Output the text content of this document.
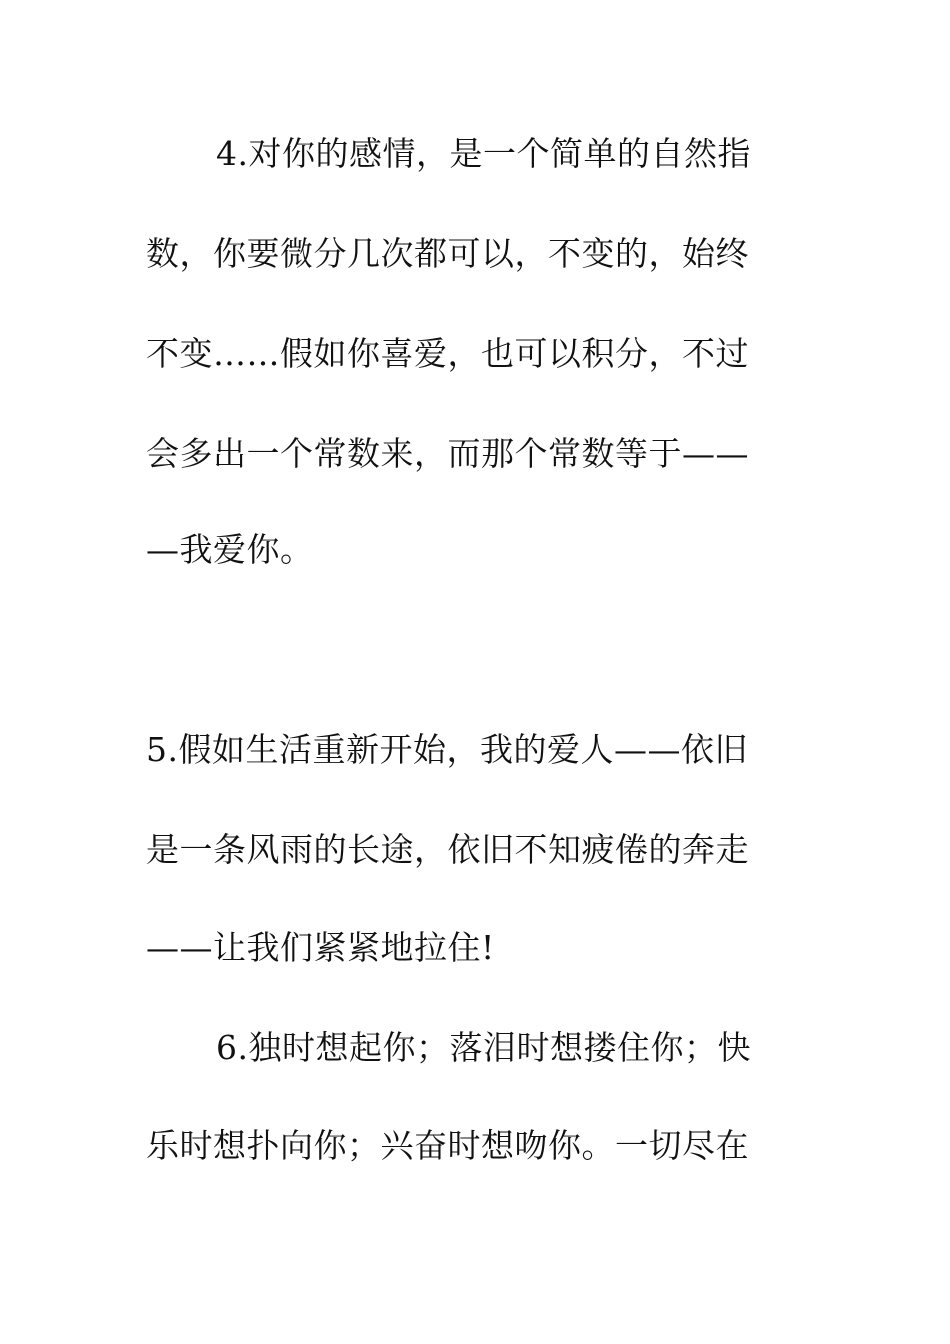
4.对你的感情，是一个简单的自然指
数，你要微分几次都可以，不变的，始终
不变……假如你喜爱，也可以积分，不过
会多出一个常数来，而那个常数等于——
—我爱你。
5.假如生活重新开始，我的爱人——依旧
是一条风雨的长途，依旧不知疲倦的奔走
——让我们紧紧地拉住!
6.独时想起你；落泪时想搂住你；快
乐时想扑向你；兴奋时想吻你。一切尽在
